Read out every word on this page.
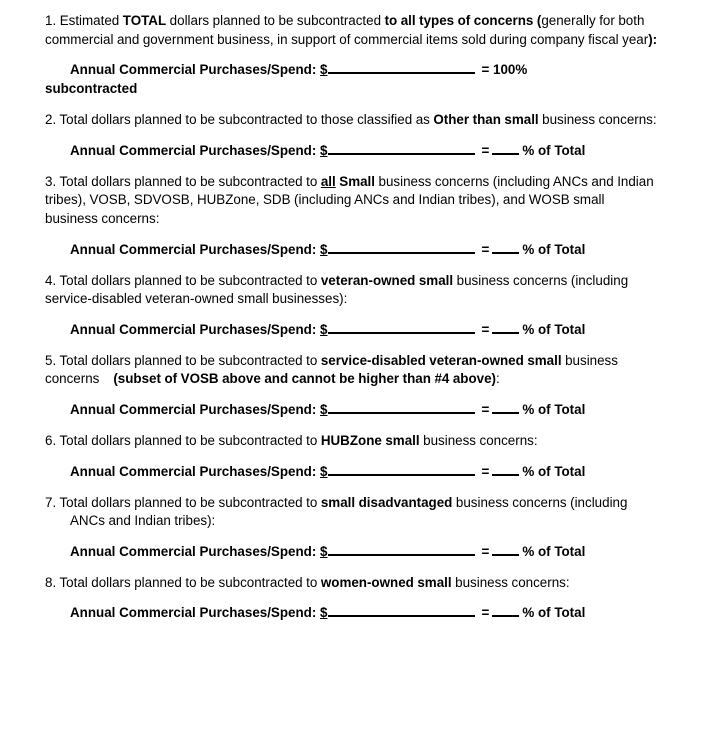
1. Estimated TOTAL dollars planned to be subcontracted to all types of concerns (generally for both commercial and government business, in support of commercial items sold during company fiscal year):
Annual Commercial Purchases/Spend: $	= 100%
subcontracted
2. Total dollars planned to be subcontracted to those classified as Other than small business concerns:
Annual Commercial Purchases/Spend: $	= % of Total
3. Total dollars planned to be subcontracted to all Small business concerns (including ANCs and Indian tribes), VOSB, SDVOSB, HUBZone, SDB (including ANCs and Indian tribes), and WOSB small business concerns:
Annual Commercial Purchases/Spend: $	= % of Total
4. Total dollars planned to be subcontracted to veteran-owned small business concerns (including service-disabled veteran-owned small businesses):
Annual Commercial Purchases/Spend: $	= % of Total
5. Total dollars planned to be subcontracted to service-disabled veteran-owned small business concerns (subset of VOSB above and cannot be higher than #4 above):
Annual Commercial Purchases/Spend: $	= % of Total
6. Total dollars planned to be subcontracted to HUBZone small business concerns:
Annual Commercial Purchases/Spend: $	= % of Total
7. Total dollars planned to be subcontracted to small disadvantaged business concerns (including ANCs and Indian tribes):
Annual Commercial Purchases/Spend: $	= % of Total
8. Total dollars planned to be subcontracted to women-owned small business concerns:
Annual Commercial Purchases/Spend: $	= % of Total
